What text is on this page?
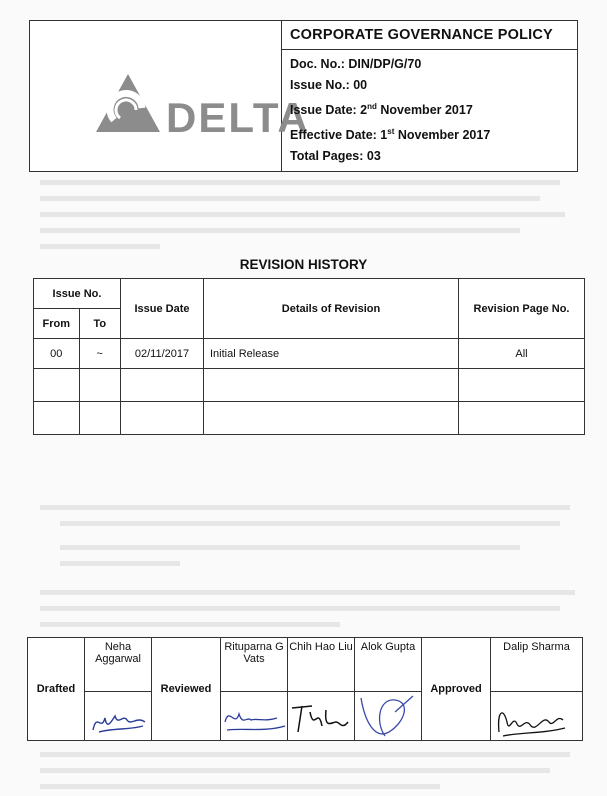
DELTA

CORPORATE GOVERNANCE POLICY
Doc. No.: DIN/DP/G/70
Issue No.: 00
Issue Date: 2nd November 2017
Effective Date: 1st November 2017
Total Pages: 03
REVISION HISTORY
Issue No.		Issue Date	Details of Revision	Revision Page No.
From	To			
00	~	02/11/2017	Initial Release	All

Drafted	Neha Aggarwal	Reviewed	Rituparna G Vats	Chih Hao Liu	Alok Gupta	Approved	Dalip Sharma
